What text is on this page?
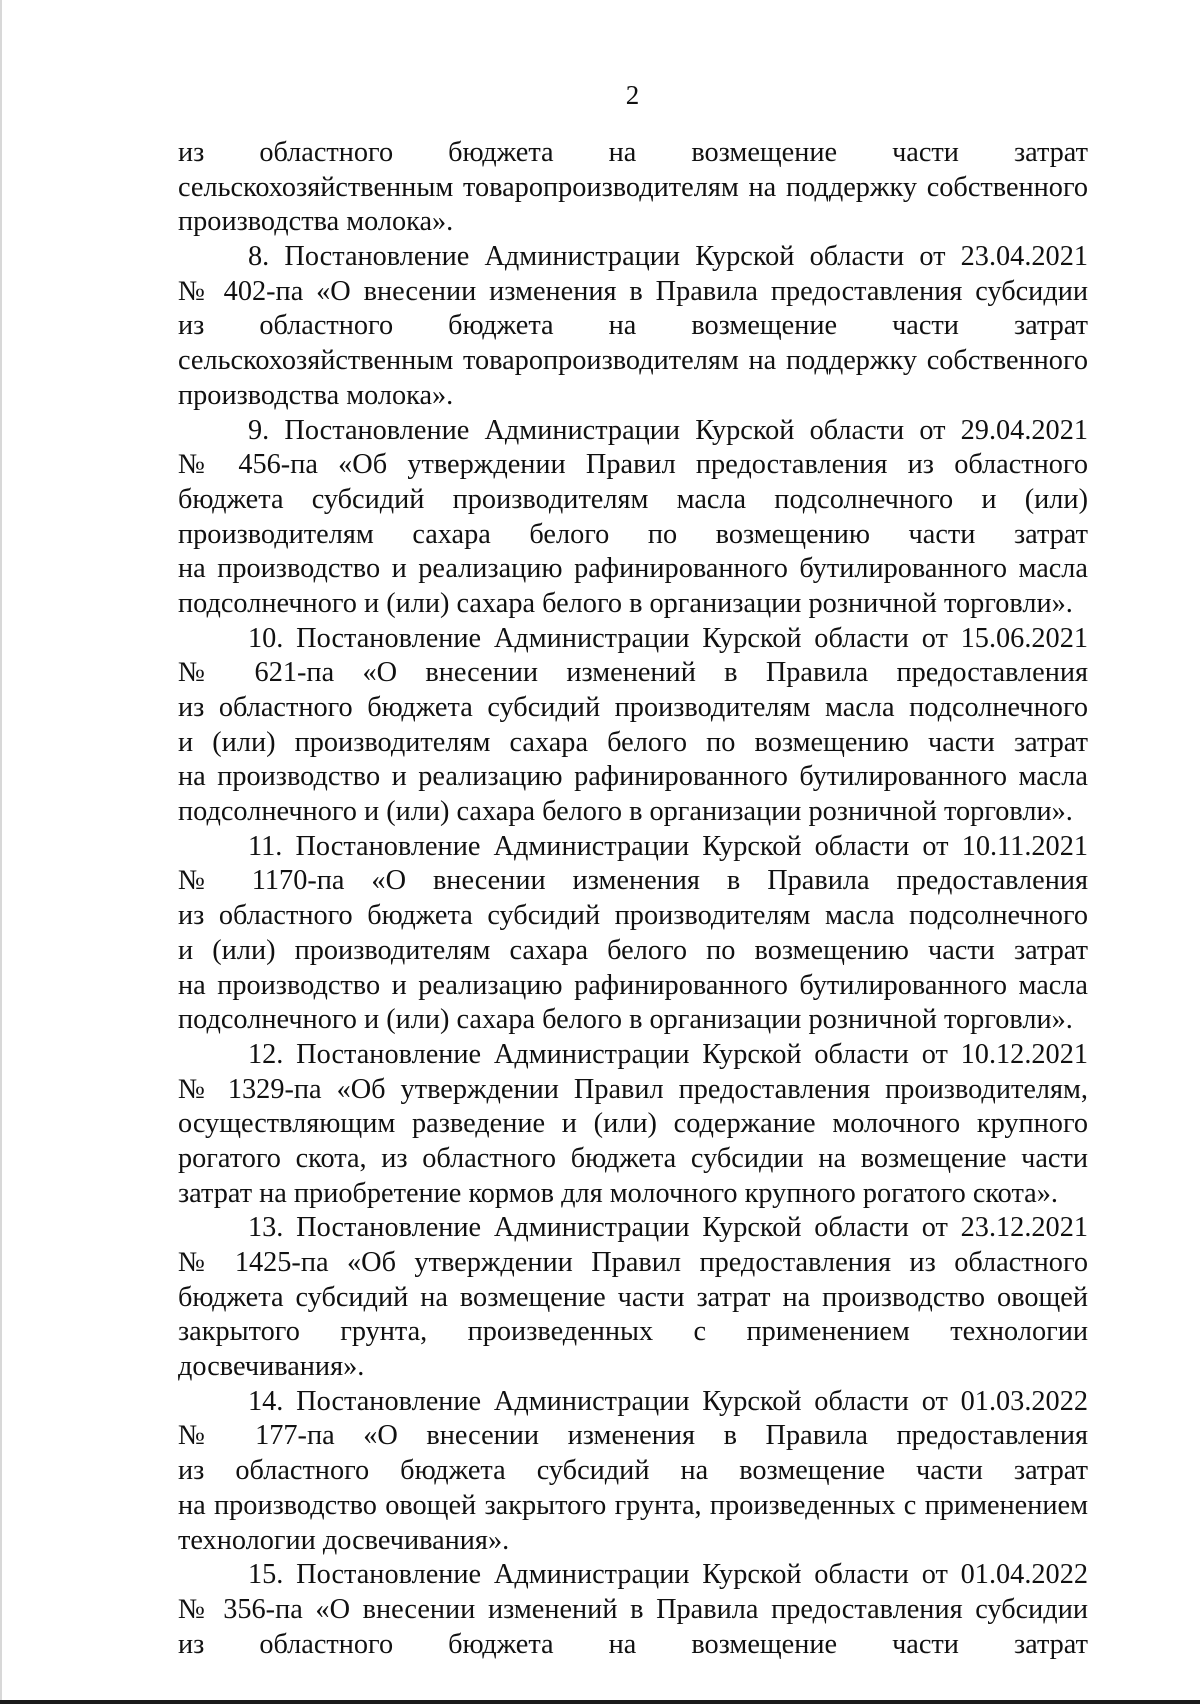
2
из областного бюджета на возмещение части затрат
сельскохозяйственным товаропроизводителям на поддержку собственного
производства молока».
8. Постановление Администрации Курской области от 23.04.2021
№ 402-па «О внесении изменения в Правила предоставления субсидии
из областного бюджета на возмещение части затрат
сельскохозяйственным товаропроизводителям на поддержку собственного
производства молока».
9. Постановление Администрации Курской области от 29.04.2021
№ 456-па «Об утверждении Правил предоставления из областного
бюджета субсидий производителям масла подсолнечного и (или)
производителям сахара белого по возмещению части затрат
на производство и реализацию рафинированного бутилированного масла
подсолнечного и (или) сахара белого в организации розничной торговли».
10. Постановление Администрации Курской области от 15.06.2021
№ 621-па «О внесении изменений в Правила предоставления
из областного бюджета субсидий производителям масла подсолнечного
и (или) производителям сахара белого по возмещению части затрат
на производство и реализацию рафинированного бутилированного масла
подсолнечного и (или) сахара белого в организации розничной торговли».
11. Постановление Администрации Курской области от 10.11.2021
№ 1170-па «О внесении изменения в Правила предоставления
из областного бюджета субсидий производителям масла подсолнечного
и (или) производителям сахара белого по возмещению части затрат
на производство и реализацию рафинированного бутилированного масла
подсолнечного и (или) сахара белого в организации розничной торговли».
12. Постановление Администрации Курской области от 10.12.2021
№ 1329-па «Об утверждении Правил предоставления производителям,
осуществляющим разведение и (или) содержание молочного крупного
рогатого скота, из областного бюджета субсидии на возмещение части
затрат на приобретение кормов для молочного крупного рогатого скота».
13. Постановление Администрации Курской области от 23.12.2021
№ 1425-па «Об утверждении Правил предоставления из областного
бюджета субсидий на возмещение части затрат на производство овощей
закрытого грунта, произведенных с применением технологии
досвечивания».
14. Постановление Администрации Курской области от 01.03.2022
№ 177-па «О внесении изменения в Правила предоставления
из областного бюджета субсидий на возмещение части затрат
на производство овощей закрытого грунта, произведенных с применением
технологии досвечивания».
15. Постановление Администрации Курской области от 01.04.2022
№ 356-па «О внесении изменений в Правила предоставления субсидии
из областного бюджета на возмещение части затрат
